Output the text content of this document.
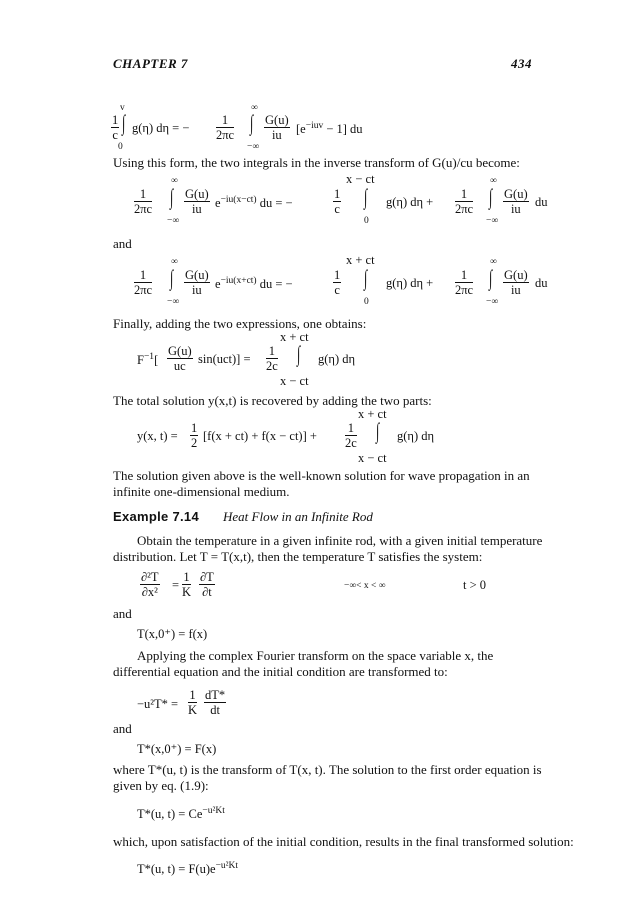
CHAPTER 7	434
v
$\frac{1}{c}$ ∫
0
g(η) dη = − $\frac{1}{2\pi c}$
∞
∫
−∞
$\frac{G(u)}{iu} [e^{-iuv} - 1]$ du
Using this form, the two integrals in the inverse transform of G(u)/cu become:
$\frac{1}{2\pi c}$
∞
∫
−∞
$\frac{G(u)}{iu} e^{-iu(x-ct)}$ du = −	$\frac{1}{c}$
x − ct
∫
0
g(η) $d\eta + \frac{1}{2\pi c}$
∞
∫
−∞
$\frac{G(u)}{iu}$ du
and
$\frac{1}{2\pi c}$
∞
∫
−∞
$\frac{G(u)}{iu} e^{-iu(x+ct)}$ du = −	$\frac{1}{c}$
x + ct
∫
0
g(η) $d\eta + \frac{1}{2\pi c}$
∞
∫
−∞
$\frac{G(u)}{iu}$ du
Finally, adding the two expressions, one obtains:
$F^{-1}[ \frac{G(u)}{uc} \sin(uct)] = \frac{1}{2c}$
x + ct
∫
x − ct
g(η) dη
The total solution y(x,t) is recovered by adding the two parts:
y(x, $t) = \frac{1}{2} [f(x + ct) + f(x - ct)] + \frac{1}{2c}$
x + ct
∫
x − ct
g(η) dη
The solution given above is the well-known solution for wave propagation in an infinite one-dimensional medium.
Example 7.14 Heat Flow in an Infinite Rod
Obtain the temperature in a given infinite rod, with a given initial temperature distribution. Let T = T(x,t), then the temperature T satisfies the system:
$\frac{\text{∂²T}}{\text{∂x²}} = \frac{1}{K} \frac{\partial T}{\partial t}$	−∞< x < ∞	t > 0
and
T(x,0⁺) = f(x)
Applying the complex Fourier transform on the space variable x, the differential equation and the initial condition are transformed to:
$-u^2T* = \frac{1}{K} \frac{dT*}{dt}$
and
T*(x,0⁺) = F(x)
where T*(u, t) is the transform of T(x, t). The solution to the first order equation is given by eq. (1.9):
T*(u, $t) = Ce^{-u^2Kt}$
which, upon satisfaction of the initial condition, results in the final transformed solution:
T*(u, $t) = F(u)e^{-u^2Kt}$
